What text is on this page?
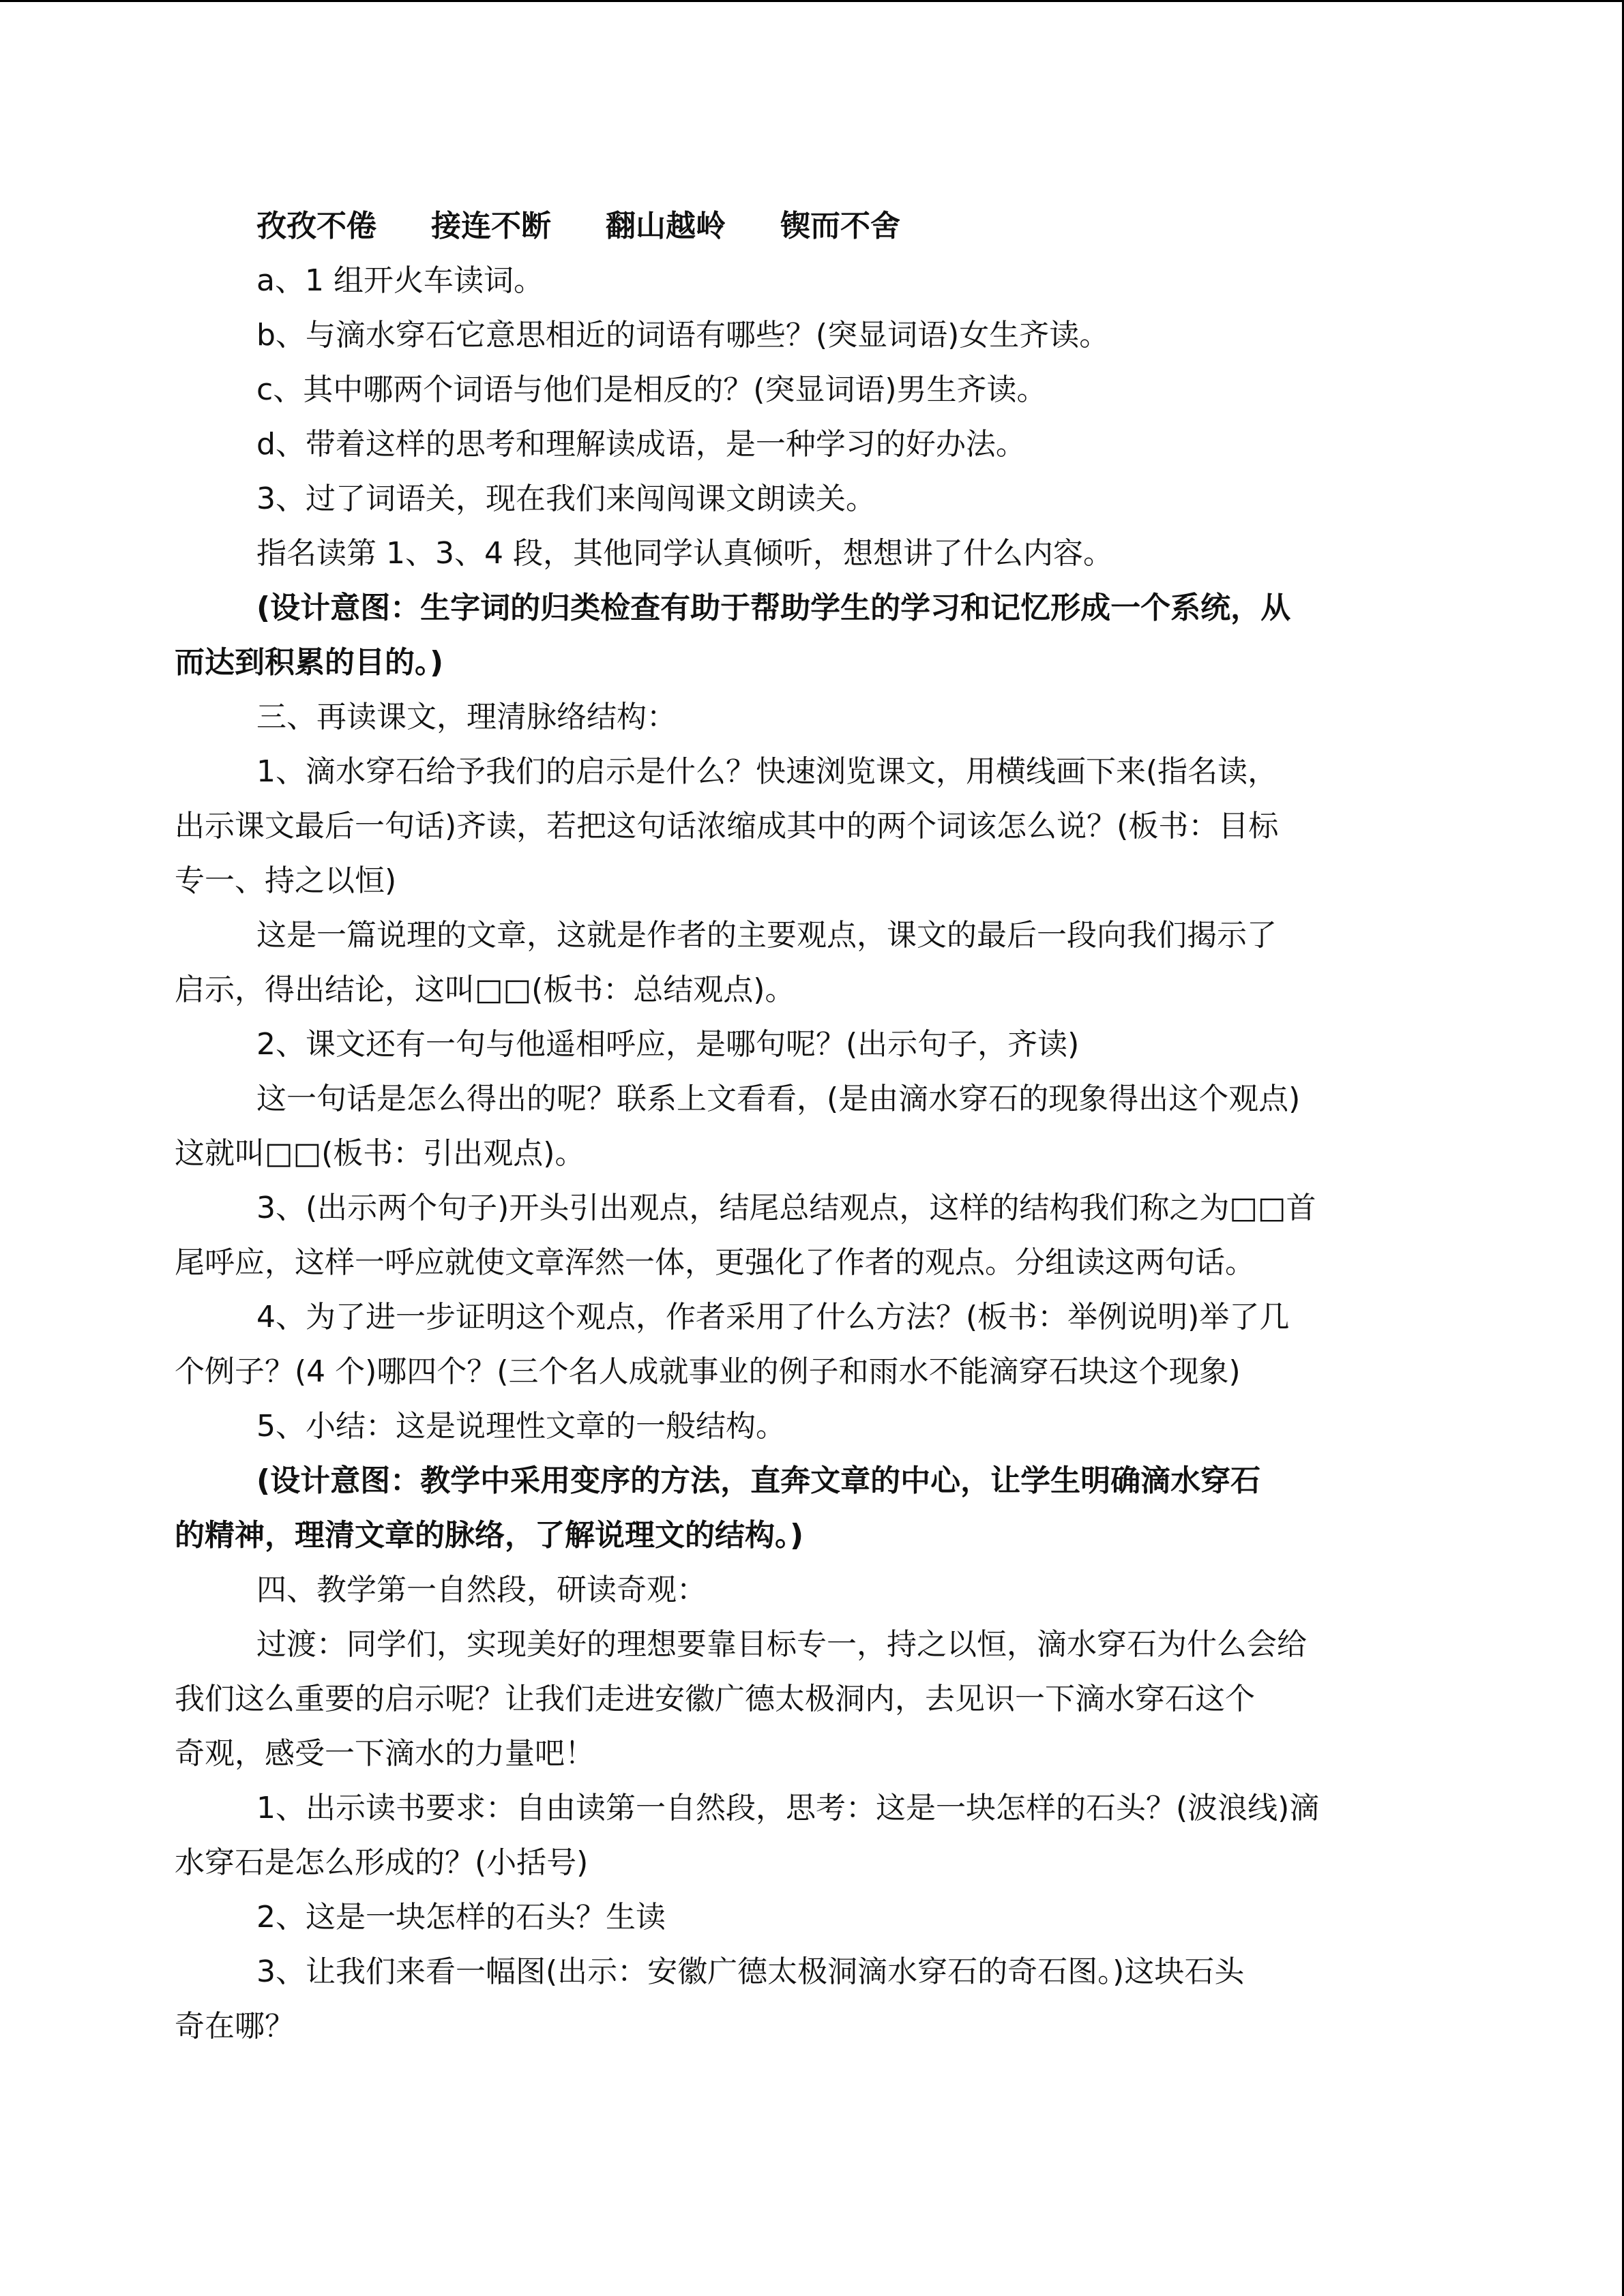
孜孜不倦 接连不断 翻山越岭 锲而不舍

a、1 组开火车读词。

b、与滴水穿石它意思相近的词语有哪些？(突显词语)女生齐读。

c、其中哪两个词语与他们是相反的？(突显词语)男生齐读。

d、带着这样的思考和理解读成语，是一种学习的好办法。

3、过了词语关，现在我们来闯闯课文朗读关。

指名读第 1、3、4 段，其他同学认真倾听，想想讲了什么内容。

(设计意图：生字词的归类检查有助于帮助学生的学习和记忆形成一个系统，从

而达到积累的目的。)

三、再读课文，理清脉络结构：

1、滴水穿石给予我们的启示是什么？快速浏览课文，用横线画下来(指名读，

出示课文最后一句话)齐读，若把这句话浓缩成其中的两个词该怎么说？(板书：目标

专一、持之以恒)

这是一篇说理的文章，这就是作者的主要观点，课文的最后一段向我们揭示了

启示，得出结论，这叫□□(板书：总结观点)。

2、课文还有一句与他遥相呼应，是哪句呢？(出示句子，齐读)

这一句话是怎么得出的呢？联系上文看看，(是由滴水穿石的现象得出这个观点)

这就叫□□(板书：引出观点)。

3、(出示两个句子)开头引出观点，结尾总结观点，这样的结构我们称之为□□首

尾呼应，这样一呼应就使文章浑然一体，更强化了作者的观点。分组读这两句话。

4、为了进一步证明这个观点，作者采用了什么方法？(板书：举例说明)举了几

个例子？(4 个)哪四个？(三个名人成就事业的例子和雨水不能滴穿石块这个现象)

5、小结：这是说理性文章的一般结构。

(设计意图：教学中采用变序的方法，直奔文章的中心，让学生明确滴水穿石

的精神，理清文章的脉络，了解说理文的结构。)

四、教学第一自然段，研读奇观：

过渡：同学们，实现美好的理想要靠目标专一，持之以恒，滴水穿石为什么会给

我们这么重要的启示呢？让我们走进安徽广德太极洞内，去见识一下滴水穿石这个

奇观，感受一下滴水的力量吧！

1、出示读书要求：自由读第一自然段，思考：这是一块怎样的石头？(波浪线)滴

水穿石是怎么形成的？(小括号)

2、这是一块怎样的石头？生读

3、让我们来看一幅图(出示：安徽广德太极洞滴水穿石的奇石图。)这块石头

奇在哪？
